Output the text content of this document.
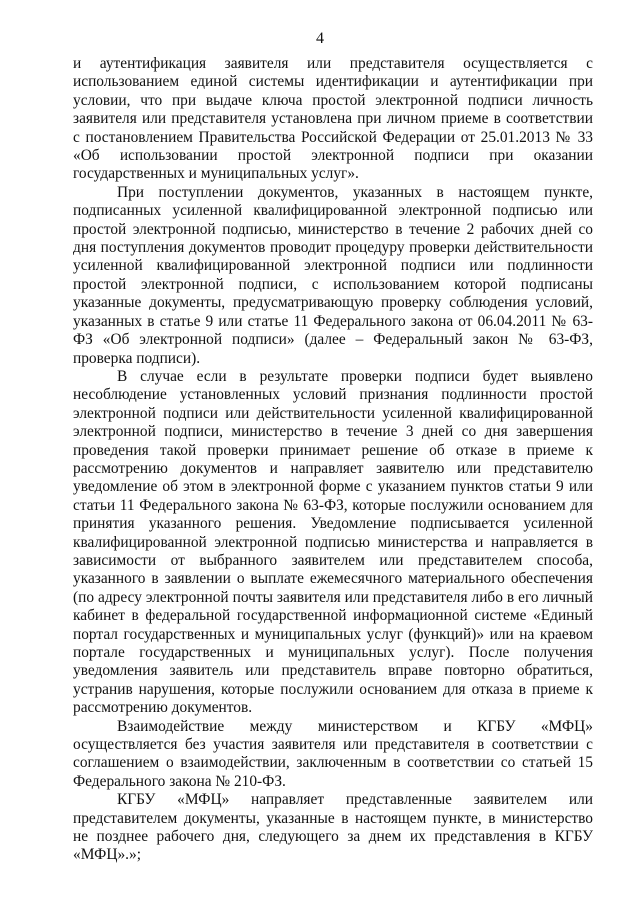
4

и аутентификация заявителя или представителя осуществляется с использованием единой системы идентификации и аутентификации при условии, что при выдаче ключа простой электронной подписи личность заявителя или представителя установлена при личном приеме в соответствии с постановлением Правительства Российской Федерации от 25.01.2013 № 33 «Об использовании простой электронной подписи при оказании государственных и муниципальных услуг».

При поступлении документов, указанных в настоящем пункте, подписанных усиленной квалифицированной электронной подписью или простой электронной подписью, министерство в течение 2 рабочих дней со дня поступления документов проводит процедуру проверки действительности усиленной квалифицированной электронной подписи или подлинности простой электронной подписи, с использованием которой подписаны указанные документы, предусматривающую проверку соблюдения условий, указанных в статье 9 или статье 11 Федерального закона от 06.04.2011 № 63-ФЗ «Об электронной подписи» (далее – Федеральный закон № 63-ФЗ, проверка подписи).

В случае если в результате проверки подписи будет выявлено несоблюдение установленных условий признания подлинности простой электронной подписи или действительности усиленной квалифицированной электронной подписи, министерство в течение 3 дней со дня завершения проведения такой проверки принимает решение об отказе в приеме к рассмотрению документов и направляет заявителю или представителю уведомление об этом в электронной форме с указанием пунктов статьи 9 или статьи 11 Федерального закона № 63-ФЗ, которые послужили основанием для принятия указанного решения. Уведомление подписывается усиленной квалифицированной электронной подписью министерства и направляется в зависимости от выбранного заявителем или представителем способа, указанного в заявлении о выплате ежемесячного материального обеспечения (по адресу электронной почты заявителя или представителя либо в его личный кабинет в федеральной государственной информационной системе «Единый портал государственных и муниципальных услуг (функций)» или на краевом портале государственных и муниципальных услуг). После получения уведомления заявитель или представитель вправе повторно обратиться, устранив нарушения, которые послужили основанием для отказа в приеме к рассмотрению документов.

Взаимодействие между министерством и КГБУ «МФЦ» осуществляется без участия заявителя или представителя в соответствии с соглашением о взаимодействии, заключенным в соответствии со статьей 15 Федерального закона № 210-ФЗ.

КГБУ «МФЦ» направляет представленные заявителем или представителем документы, указанные в настоящем пункте, в министерство не позднее рабочего дня, следующего за днем их представления в КГБУ «МФЦ».»;
